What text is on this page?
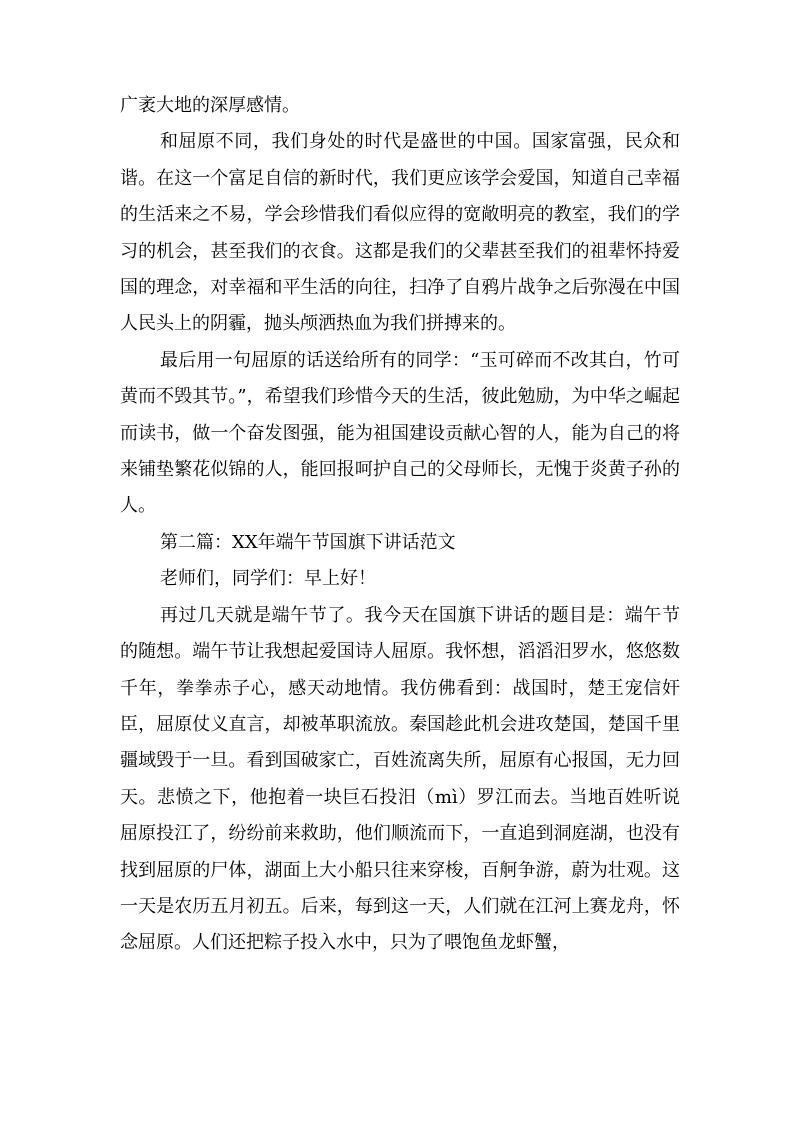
广袤大地的深厚感情。

和屈原不同，我们身处的时代是盛世的中国。国家富强，民众和谐。在这一个富足自信的新时代，我们更应该学会爱国，知道自己幸福的生活来之不易，学会珍惜我们看似应得的宽敞明亮的教室，我们的学习的机会，甚至我们的衣食。这都是我们的父辈甚至我们的祖辈怀持爱国的理念，对幸福和平生活的向往，扫净了自鸦片战争之后弥漫在中国人民头上的阴霾，抛头颅洒热血为我们拼搏来的。

最后用一句屈原的话送给所有的同学：“玉可碎而不改其白，竹可黄而不毁其节。”，希望我们珍惜今天的生活，彼此勉励，为中华之崛起而读书，做一个奋发图强，能为祖国建设贡献心智的人，能为自己的将来铺垫繁花似锦的人，能回报呵护自己的父母师长，无愧于炎黄子孙的人。

第二篇：XX年端午节国旗下讲话范文

老师们，同学们：早上好！

再过几天就是端午节了。我今天在国旗下讲话的题目是：端午节的随想。端午节让我想起爱国诗人屈原。我怀想，滔滔汨罗水，悠悠数千年，拳拳赤子心，感天动地情。我仿佛看到：战国时，楚王宠信奸臣，屈原仗义直言，却被革职流放。秦国趁此机会进攻楚国，楚国千里疆域毁于一旦。看到国破家亡，百姓流离失所，屈原有心报国，无力回天。悲愤之下，他抱着一块巨石投汨（mì）罗江而去。当地百姓听说屈原投江了，纷纷前来救助，他们顺流而下，一直追到洞庭湖，也没有找到屈原的尸体，湖面上大小船只往来穿梭，百舸争游，蔚为壮观。这一天是农历五月初五。后来，每到这一天，人们就在江河上赛龙舟，怀念屈原。人们还把粽子投入水中，只为了喂饱鱼龙虾蟹，
